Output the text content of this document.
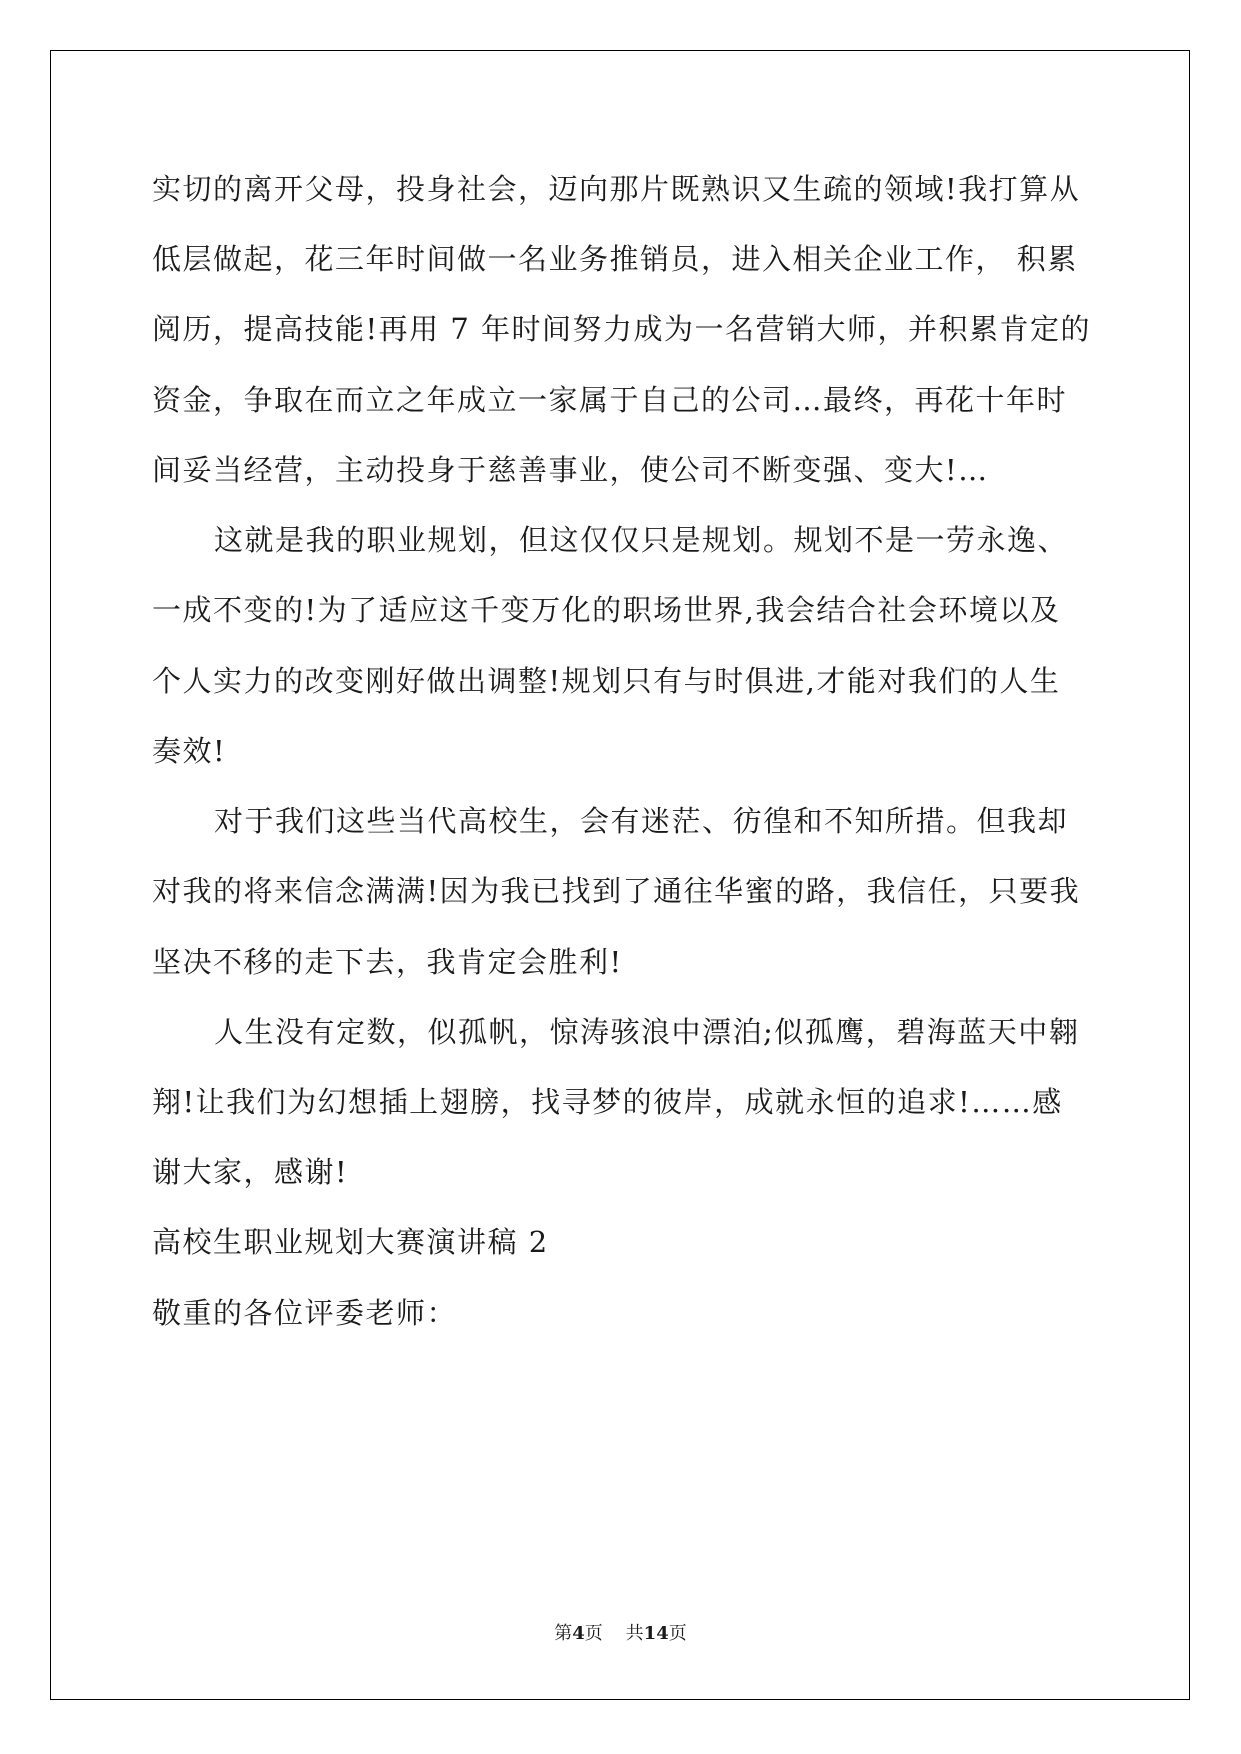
实切的离开父母，投身社会，迈向那片既熟识又生疏的领域!我打算从
低层做起，花三年时间做一名业务推销员，进入相关企业工作， 积累
阅历，提高技能!再用 7 年时间努力成为一名营销大师，并积累肯定的
资金，争取在而立之年成立一家属于自己的公司…最终，再花十年时
间妥当经营，主动投身于慈善事业，使公司不断变强、变大!…
这就是我的职业规划，但这仅仅只是规划。规划不是一劳永逸、
一成不变的!为了适应这千变万化的职场世界,我会结合社会环境以及
个人实力的改变刚好做出调整!规划只有与时俱进,才能对我们的人生
奏效!
对于我们这些当代高校生，会有迷茫、彷徨和不知所措。但我却
对我的将来信念满满!因为我已找到了通往华蜜的路，我信任，只要我
坚决不移的走下去，我肯定会胜利!
人生没有定数，似孤帆，惊涛骇浪中漂泊;似孤鹰，碧海蓝天中翱
翔!让我们为幻想插上翅膀，找寻梦的彼岸，成就永恒的追求!……感
谢大家，感谢!
高校生职业规划大赛演讲稿 2
敬重的各位评委老师：
第4页 共14页
